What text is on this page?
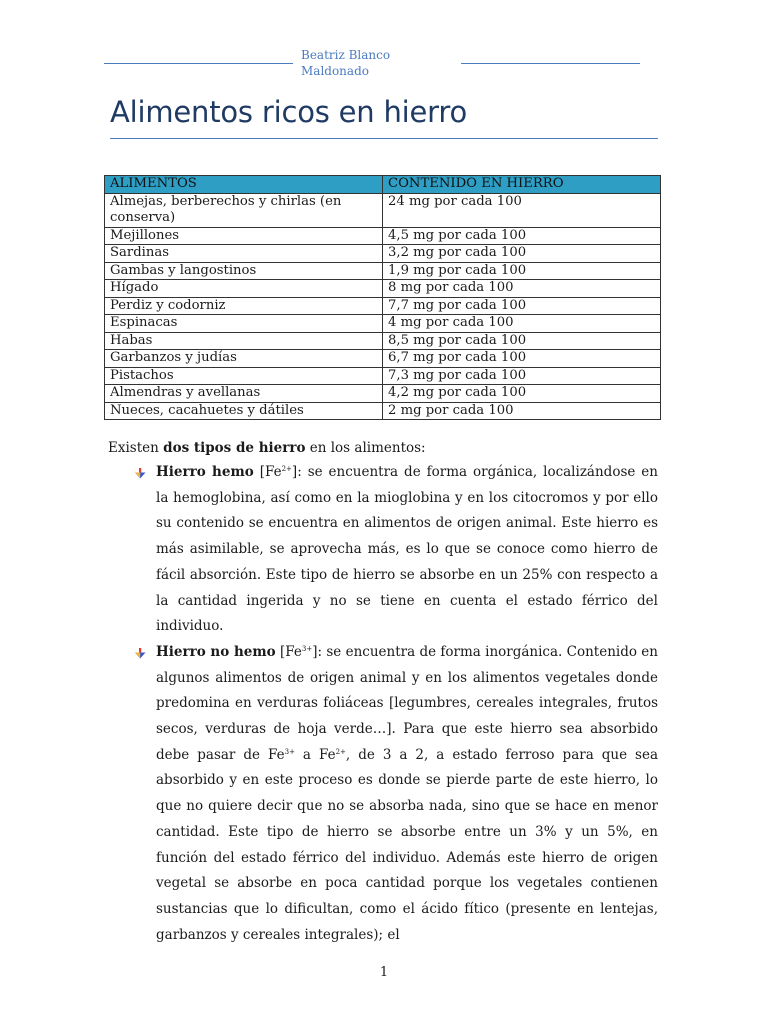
Beatriz Blanco Maldonado
Alimentos ricos en hierro
ALIMENTOS	CONTENIDO EN HIERRO
Almejas, berberechos y chirlas (en conserva)	24 mg por cada 100
Mejillones	4,5 mg por cada 100
Sardinas	3,2 mg por cada 100
Gambas y langostinos	1,9 mg por cada 100
Hígado	8 mg por cada 100
Perdiz y codorniz	7,7 mg por cada 100
Espinacas	4 mg por cada 100
Habas	8,5 mg por cada 100
Garbanzos y judías	6,7 mg por cada 100
Pistachos	7,3 mg por cada 100
Almendras y avellanas	4,2 mg por cada 100
Nueces, cacahuetes y dátiles	2 mg por cada 100

Existen dos tipos de hierro en los alimentos:

Hierro hemo $[Fe^{2+}]$: se encuentra de forma orgánica, localizándose en la hemoglobina, así como en la mioglobina y en los citocromos y por ello su contenido se encuentra en alimentos de origen animal. Este hierro es más asimilable, se aprovecha más, es lo que se conoce como hierro de fácil absorción. Este tipo de hierro se absorbe en un 25% con respecto a la cantidad ingerida y no se tiene en cuenta el estado férrico del individuo.

Hierro no hemo $[Fe^{3+}]$: se encuentra de forma inorgánica. Contenido en algunos alimentos de origen animal y en los alimentos vegetales donde predomina en verduras foliáceas [legumbres, cereales integrales, frutos secos, verduras de hoja verde…]. Para que este hierro sea absorbido debe pasar de $Fe^{3+}$ a $Fe^{2+}$, de 3 a 2, a estado ferroso para que sea absorbido y en este proceso es donde se pierde parte de este hierro, lo que no quiere decir que no se absorba nada, sino que se hace en menor cantidad. Este tipo de hierro se absorbe entre un 3% y un 5%, en función del estado férrico del individuo. Además este hierro de origen vegetal se absorbe en poca cantidad porque los vegetales contienen sustancias que lo dificultan, como el ácido fítico (presente en lentejas, garbanzos y cereales integrales); el

1
